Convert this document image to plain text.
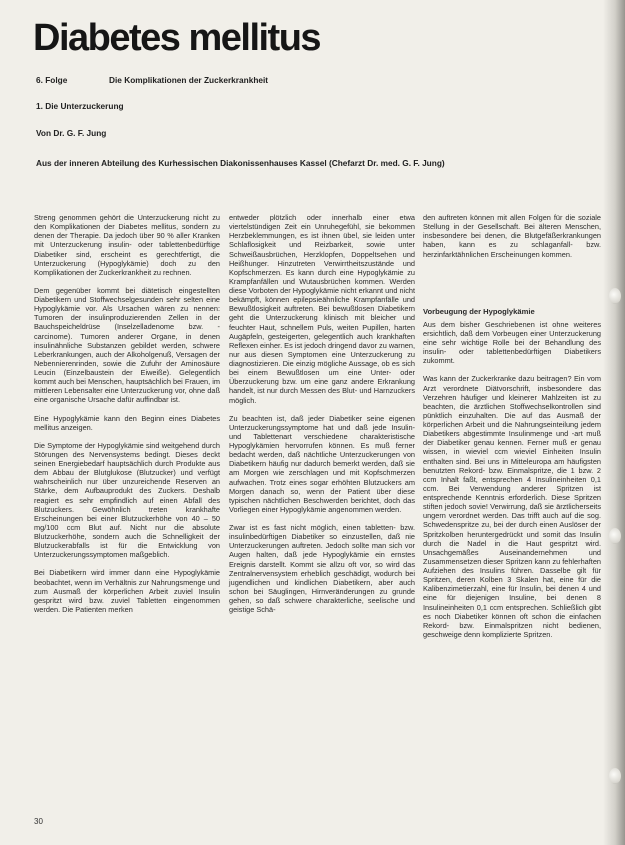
Diabetes mellitus
6. Folge	Die Komplikationen der Zuckerkrankheit
1. Die Unterzuckerung
Von Dr. G. F. Jung
Aus der inneren Abteilung des Kurhessischen Diakonissenhauses Kassel (Chefarzt Dr. med. G. F. Jung)

Streng genommen gehört die Unterzuckerung nicht zu den Komplikationen der Diabetes mellitus, sondern zu denen der Therapie. Da jedoch über 90 % aller Kranken mit Unterzuckerung insulin- oder tablettenbedürftige Diabetiker sind, erscheint es gerechtfertigt, die Unterzuckerung (Hypoglykämie) doch zu den Komplikationen der Zuckerkrankheit zu rechnen.

Dem gegenüber kommt bei diätetisch eingestellten Diabetikern und Stoffwechselgesunden sehr selten eine Hypoglykämie vor. Als Ursachen wären zu nennen: Tumoren der insulinproduzierenden Zellen in der Bauchspeicheldrüse (Inselzelladenome bzw. -carcinome). Tumoren anderer Organe, in denen insulinähnliche Substanzen gebildet werden, schwere Leberkrankungen, auch der Alkoholgenuß, Versagen der Nebennierenrinden, sowie die Zufuhr der Aminosäure Leucin (Einzelbaustein der Eiweiße). Gelegentlich kommt auch bei Menschen, hauptsächlich bei Frauen, im mittleren Lebensalter eine Unterzuckerung vor, ohne daß eine organische Ursache dafür auffindbar ist.

Eine Hypoglykämie kann den Beginn eines Diabetes mellitus anzeigen.

Die Symptome der Hypoglykämie sind weitgehend durch Störungen des Nervensystems bedingt. Dieses deckt seinen Energiebedarf hauptsächlich durch Produkte aus dem Abbau der Blutglukose (Blutzucker) und verfügt wahrscheinlich nur über unzureichende Reserven an Stärke, dem Aufbauprodukt des Zuckers. Deshalb reagiert es sehr empfindlich auf einen Abfall des Blutzuckers. Gewöhnlich treten krankhafte Erscheinungen bei einer Blutzuckerhöhe von 40 – 50 mg/100 ccm Blut auf. Nicht nur die absolute Blutzuckerhöhe, sondern auch die Schnelligkeit der Blutzuckerabfalls ist für die Entwicklung von Unterzuckerungssymptomen maßgeblich.

Bei Diabetikern wird immer dann eine Hypoglykämie beobachtet, wenn im Verhältnis zur Nahrungsmenge und zum Ausmaß der körperlichen Arbeit zuviel Insulin gespritzt wird bzw. zuviel Tabletten eingenommen werden. Die Patienten merken

entweder plötzlich oder innerhalb einer etwa viertelstündigen Zeit ein Unruhegefühl, sie bekommen Herzbeklemmungen, es ist ihnen übel, sie leiden unter Schlaflosigkeit und Reizbarkeit, sowie unter Schweißausbrüchen, Herzklopfen, Doppeltsehen und Heißhunger. Hinzutreten Verwirrtheitszustände und Kopfschmerzen. Es kann durch eine Hypoglykämie zu Krampfanfällen und Wutausbrüchen kommen. Werden diese Vorboten der Hypoglykämie nicht erkannt und nicht bekämpft, können epilepsieähnliche Krampfanfälle und Bewußtlosigkeit auftreten. Bei bewußtlosen Diabetikern geht die Unterzuckerung klinisch mit bleicher und feuchter Haut, schnellem Puls, weiten Pupillen, harten Augäpfeln, gesteigerten, gelegentlich auch krankhaften Reflexen einher. Es ist jedoch dringend davor zu warnen, nur aus diesen Symptomen eine Unterzuckerung zu diagnostizieren. Die einzig mögliche Aussage, ob es sich bei einem Bewußtlosen um eine Unter- oder Überzuckerung bzw. um eine ganz andere Erkrankung handelt, ist nur durch Messen des Blut- und Harnzuckers möglich.

Zu beachten ist, daß jeder Diabetiker seine eigenen Unterzuckerungssymptome hat und daß jede Insulin- und Tablettenart verschiedene charakteristische Hypoglykämien hervorrufen können. Es muß ferner bedacht werden, daß nächtliche Unterzuckerungen von Diabetikern häufig nur dadurch bemerkt werden, daß sie am Morgen wie zerschlagen und mit Kopfschmerzen aufwachen. Trotz eines sogar erhöhten Blutzuckers am Morgen danach so, wenn der Patient über diese typischen nächtlichen Beschwerden berichtet, doch das Vorliegen einer Hypoglykämie angenommen werden.

Zwar ist es fast nicht möglich, einen tabletten- bzw. insulinbedürftigen Diabetiker so einzustellen, daß nie Unterzuckerungen auftreten. Jedoch sollte man sich vor Augen halten, daß jede Hypoglykämie ein ernstes Ereignis darstellt. Kommt sie allzu oft vor, so wird das Zentralnervensystem erheblich geschädigt, wodurch bei jugendlichen und kindlichen Diabetikern, aber auch schon bei Säuglingen, Hirnveränderungen zu grunde gehen, so daß schwere charakterliche, seelische und geistige Schä-

den auftreten können mit allen Folgen für die soziale Stellung in der Gesellschaft. Bei älteren Menschen, insbesondere bei denen, die Blutgefäßerkrankungen haben, kann es zu schlaganfall- bzw. herzinfarktähnlichen Erscheinungen kommen.

Vorbeugung der Hypoglykämie

Aus dem bisher Geschriebenen ist ohne weiteres ersichtlich, daß dem Vorbeugen einer Unterzuckerung eine sehr wichtige Rolle bei der Behandlung des insulin- oder tablettenbedürftigen Diabetikers zukommt.

Was kann der Zuckerkranke dazu beitragen? Ein vom Arzt verordnete Diätvorschrift, insbesondere das Verzehren häufiger und kleinerer Mahlzeiten ist zu beachten, die ärztlichen Stoffwechselkontrollen sind pünktlich einzuhalten. Die auf das Ausmaß der körperlichen Arbeit und die Nahrungseinteilung jedem Diabetikers abgestimmte Insulinmenge und -art muß der Diabetiker genau kennen. Ferner muß er genau wissen, in wieviel ccm wieviel Einheiten Insulin enthalten sind. Bei uns in Mitteleuropa am häufigsten benutzten Rekord- bzw. Einmalspritze, die 1 bzw. 2 ccm Inhalt faßt, entsprechen 4 Insulineinheiten 0,1 ccm. Bei Verwendung anderer Spritzen ist entsprechende Kenntnis erforderlich. Diese Spritzen stiften jedoch sovie! Verwirrung, daß sie ärztlicherseits ungern verordnet werden. Das trifft auch auf die sog. Schwedenspritze zu, bei der durch einen Auslöser der Spritzkolben heruntergedrückt und somit das Insulin durch die Nadel in die Haut gespritzt wird. Unsachgemäßes Auseinandernehmen und Zusammensetzen dieser Spritzen kann zu fehlerhaften Aufziehen des Insulins führen. Dasselbe gilt für Spritzen, deren Kolben 3 Skalen hat, eine für die Kalibenzimetierzahl, eine für Insulin, bei denen 4 und eine für diejenigen Insuline, bei denen 8 Insulineinheiten 0,1 ccm entsprechen. Schließlich gibt es noch Diabetiker können oft schon die einfachen Rekord- bzw. Einmalspritzen nicht bedienen, geschweige denn komplizierte Spritzen.

30
